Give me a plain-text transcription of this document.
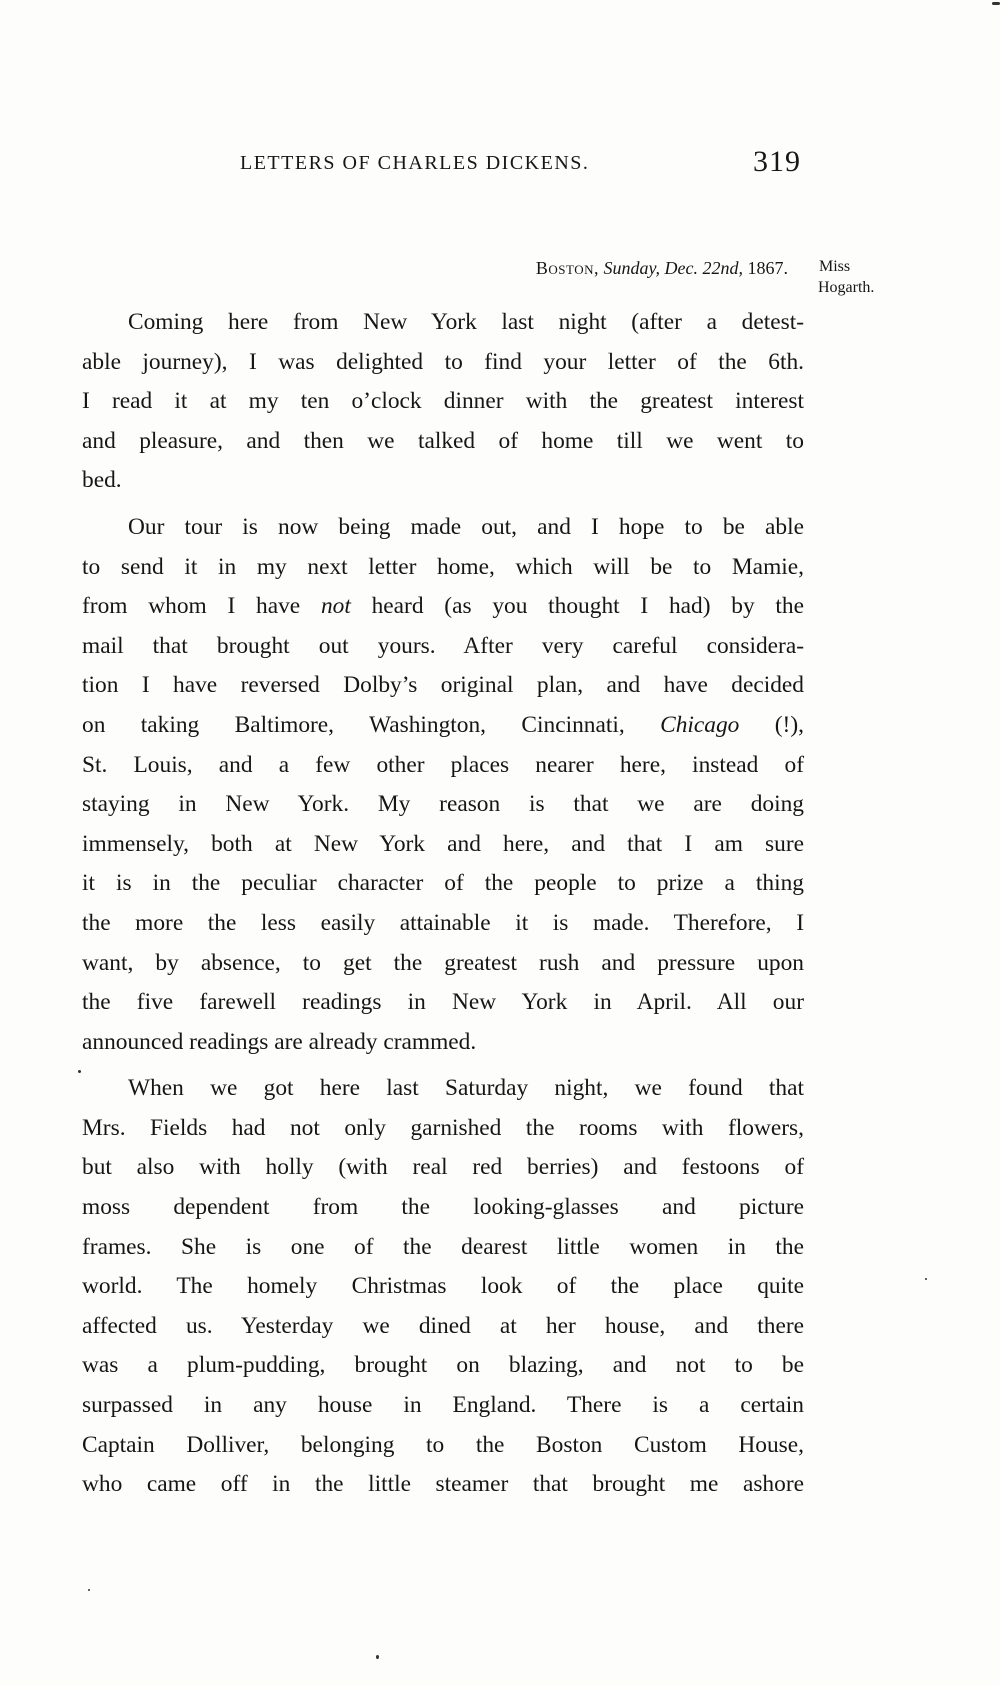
LETTERS OF CHARLES DICKENS.	319
Boston, Sunday, Dec. 22nd, 1867. Miss
Hogarth.

Coming here from New York last night (after a detest-
able journey), I was delighted to find your letter of the 6th.
I read it at my ten o’clock dinner with the greatest interest
and pleasure, and then we talked of home till we went to
bed.

Our tour is now being made out, and I hope to be able
to send it in my next letter home, which will be to Mamie,
from whom I have not heard (as you thought I had) by the
mail that brought out yours. After very careful considera-
tion I have reversed Dolby’s original plan, and have decided
on taking Baltimore, Washington, Cincinnati, Chicago (!),
St. Louis, and a few other places nearer here, instead of
staying in New York. My reason is that we are doing
immensely, both at New York and here, and that I am sure
it is in the peculiar character of the people to prize a thing
the more the less easily attainable it is made. Therefore, I
want, by absence, to get the greatest rush and pressure upon
the five farewell readings in New York in April. All our
announced readings are already crammed.

When we got here last Saturday night, we found that
Mrs. Fields had not only garnished the rooms with flowers,
but also with holly (with real red berries) and festoons of
moss dependent from the looking-glasses and picture
frames. She is one of the dearest little women in the
world. The homely Christmas look of the place quite
affected us. Yesterday we dined at her house, and there
was a plum-pudding, brought on blazing, and not to be
surpassed in any house in England. There is a certain
Captain Dolliver, belonging to the Boston Custom House,
who came off in the little steamer that brought me ashore
